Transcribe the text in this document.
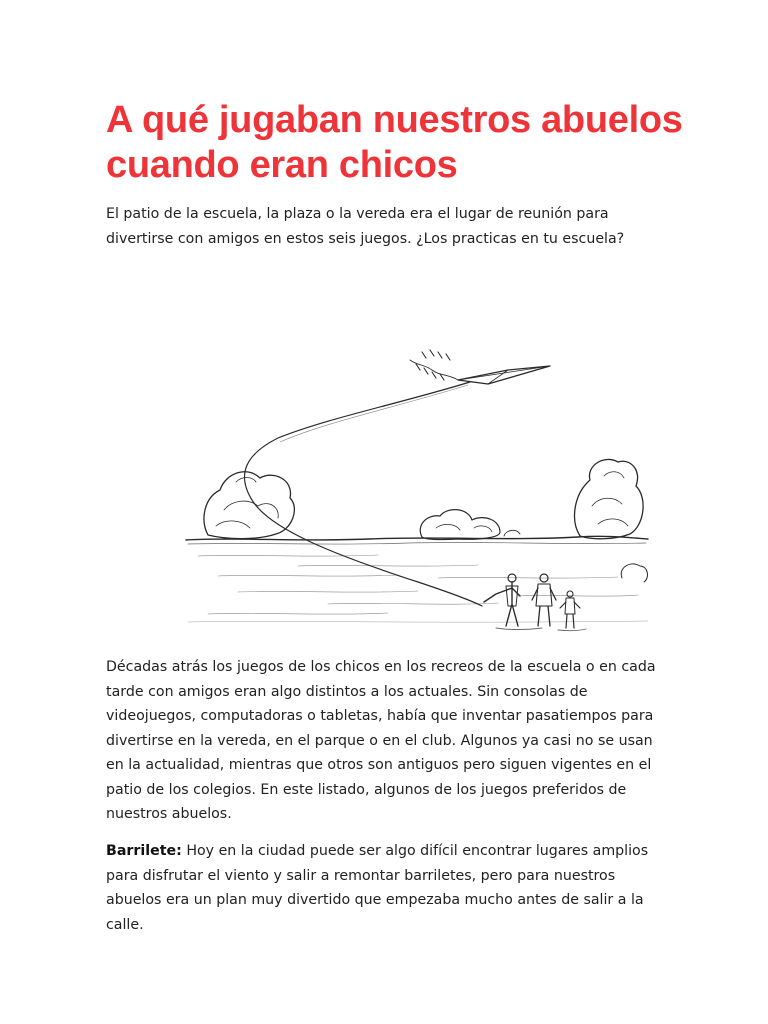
A qué jugaban nuestros abuelos cuando eran chicos

El patio de la escuela, la plaza o la vereda era el lugar de reunión para divertirse con amigos en estos seis juegos. ¿Los practicas en tu escuela?

Décadas atrás los juegos de los chicos en los recreos de la escuela o en cada tarde con amigos eran algo distintos a los actuales. Sin consolas de videojuegos, computadoras o tabletas, había que inventar pasatiempos para divertirse en la vereda, en el parque o en el club. Algunos ya casi no se usan en la actualidad, mientras que otros son antiguos pero siguen vigentes en el patio de los colegios. En este listado, algunos de los juegos preferidos de nuestros abuelos.

Barrilete: Hoy en la ciudad puede ser algo difícil encontrar lugares amplios para disfrutar el viento y salir a remontar barriletes, pero para nuestros abuelos era un plan muy divertido que empezaba mucho antes de salir a la calle.
